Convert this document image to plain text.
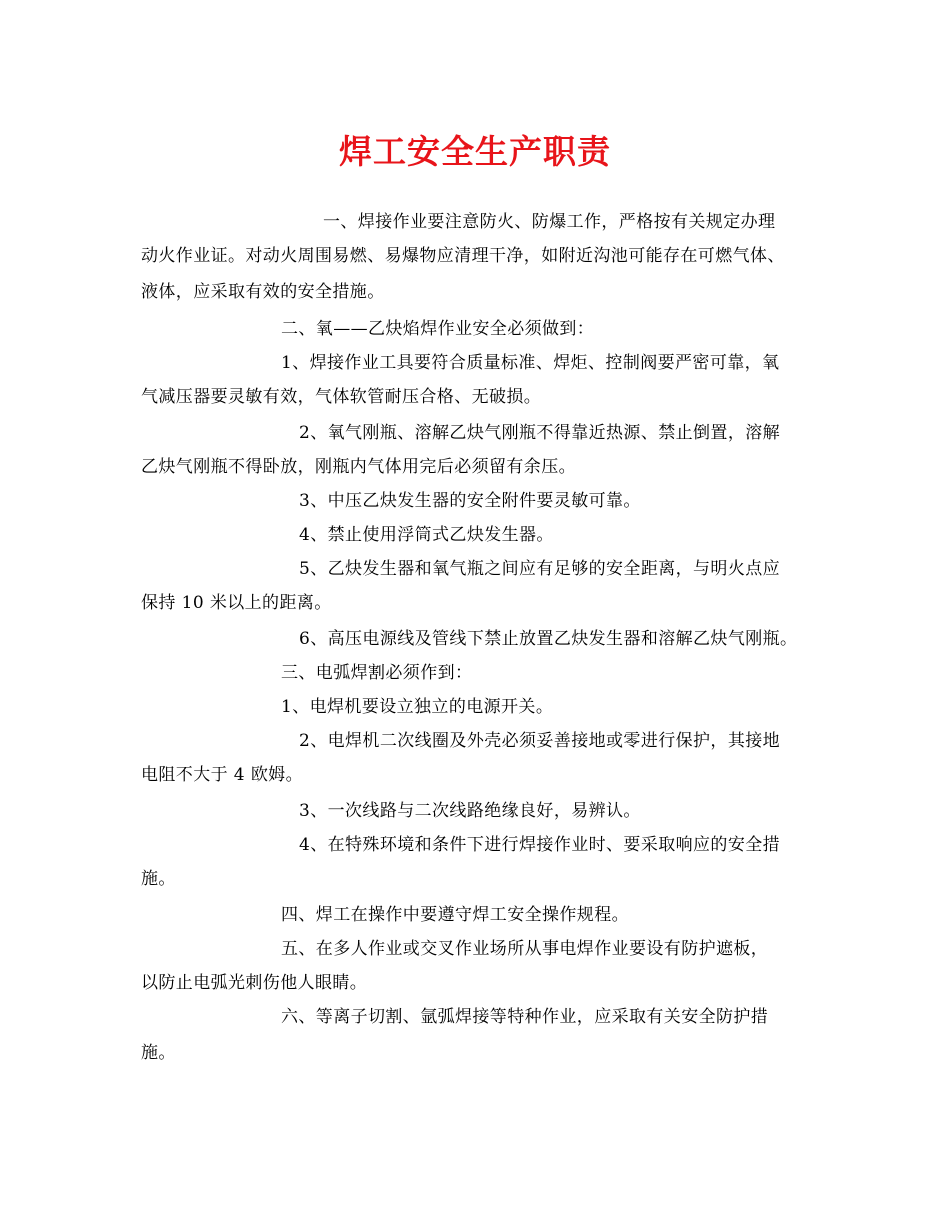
焊工安全生产职责
一、焊接作业要注意防火、防爆工作，严格按有关规定办理
动火作业证。对动火周围易燃、易爆物应清理干净，如附近沟池可能存在可燃气体、
液体，应采取有效的安全措施。
二、氧——乙炔焰焊作业安全必须做到：
1、焊接作业工具要符合质量标准、焊炬、控制阀要严密可靠，氧
气减压器要灵敏有效，气体软管耐压合格、无破损。
2、氧气刚瓶、溶解乙炔气刚瓶不得靠近热源、禁止倒置，溶解
乙炔气刚瓶不得卧放，刚瓶内气体用完后必须留有余压。
3、中压乙炔发生器的安全附件要灵敏可靠。
4、禁止使用浮筒式乙炔发生器。
5、乙炔发生器和氧气瓶之间应有足够的安全距离，与明火点应
保持 10 米以上的距离。
6、高压电源线及管线下禁止放置乙炔发生器和溶解乙炔气刚瓶。
三、电弧焊割必须作到：
1、电焊机要设立独立的电源开关。
2、电焊机二次线圈及外壳必须妥善接地或零进行保护，其接地
电阻不大于 4 欧姆。
3、一次线路与二次线路绝缘良好，易辨认。
4、在特殊环境和条件下进行焊接作业时、要采取响应的安全措
施。
四、焊工在操作中要遵守焊工安全操作规程。
五、在多人作业或交叉作业场所从事电焊作业要设有防护遮板，
以防止电弧光刺伤他人眼睛。
六、等离子切割、氩弧焊接等特种作业，应采取有关安全防护措
施。
